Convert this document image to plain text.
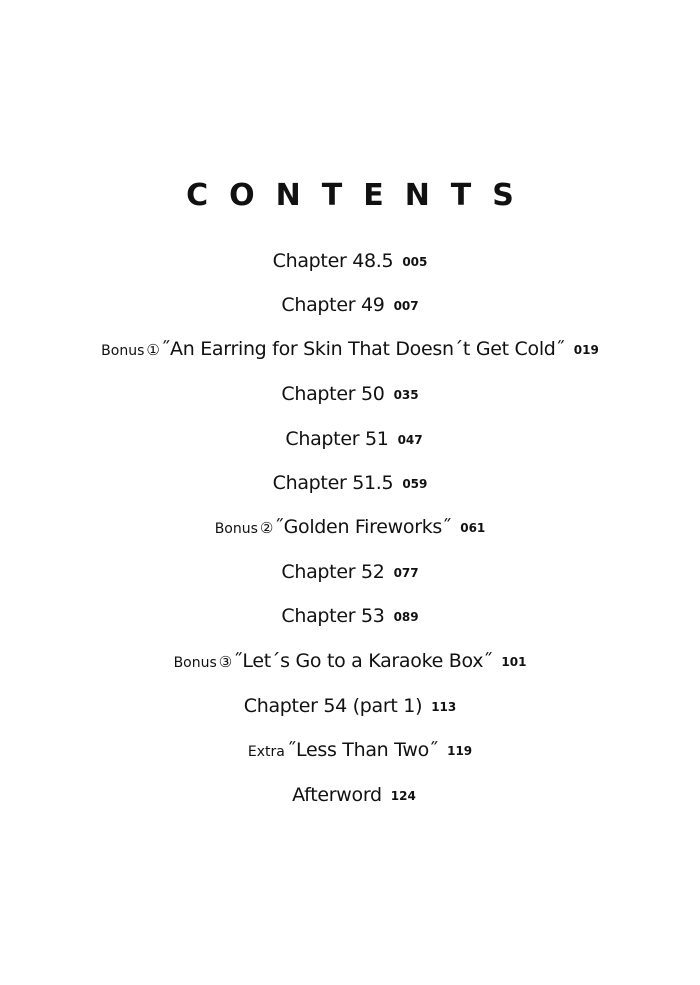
CONTENTS
Chapter 48.5 005
Chapter 49 007
Bonus ①˝An Earring for Skin That Doesn´t Get Cold˝ 019
Chapter 50 035
Chapter 51 047
Chapter 51.5 059
Bonus ②˝Golden Fireworks˝ 061
Chapter 52 077
Chapter 53 089
Bonus ③˝Let´s Go to a Karaoke Box˝ 101
Chapter 54 (part 1) 113
Extra ˝Less Than Two˝ 119
Afterword 124
